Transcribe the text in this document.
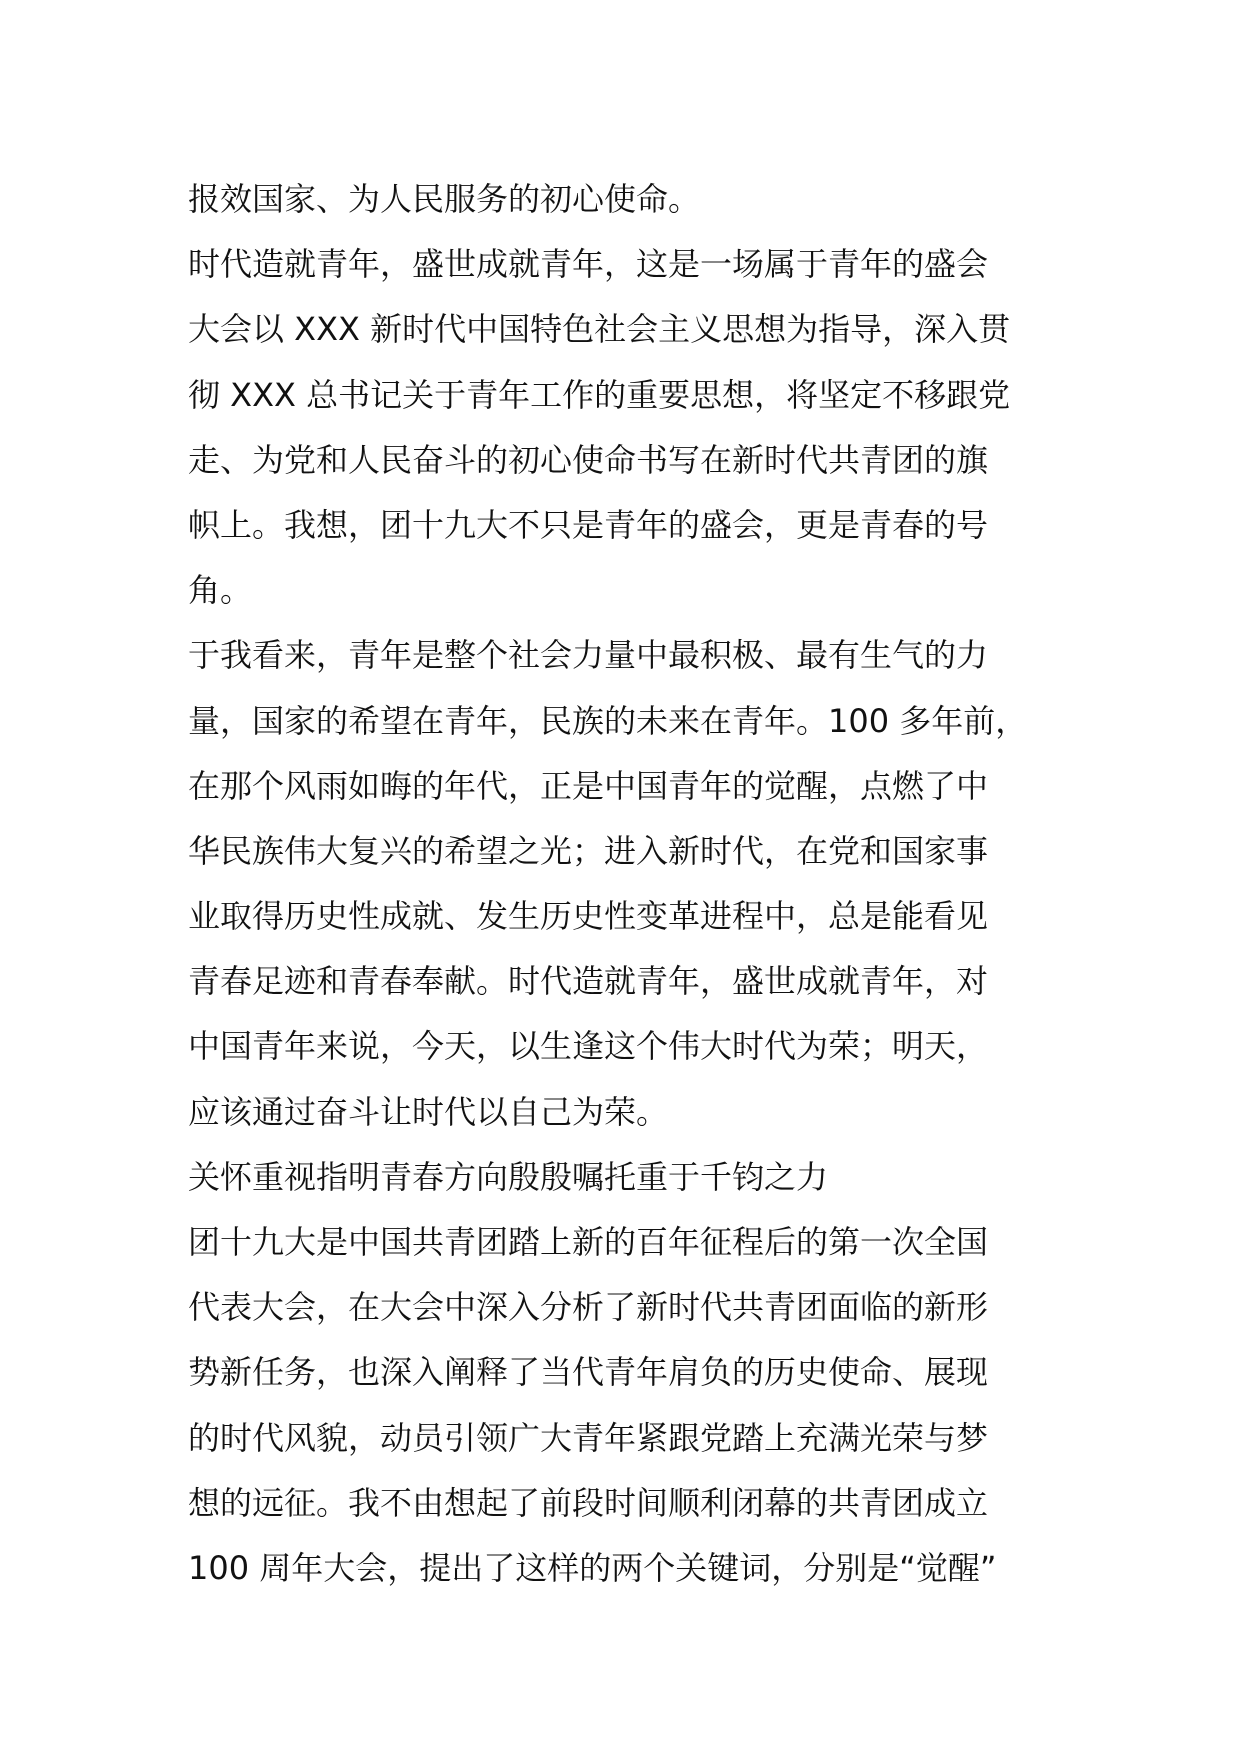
报效国家、为人民服务的初心使命。
时代造就青年，盛世成就青年，这是一场属于青年的盛会
大会以 XXX 新时代中国特色社会主义思想为指导，深入贯
彻 XXX 总书记关于青年工作的重要思想，将坚定不移跟党
走、为党和人民奋斗的初心使命书写在新时代共青团的旗
帜上。我想，团十九大不只是青年的盛会，更是青春的号
角。
于我看来，青年是整个社会力量中最积极、最有生气的力
量，国家的希望在青年，民族的未来在青年。100 多年前，
在那个风雨如晦的年代，正是中国青年的觉醒，点燃了中
华民族伟大复兴的希望之光；进入新时代，在党和国家事
业取得历史性成就、发生历史性变革进程中，总是能看见
青春足迹和青春奉献。时代造就青年，盛世成就青年，对
中国青年来说，今天，以生逢这个伟大时代为荣；明天，
应该通过奋斗让时代以自己为荣。
关怀重视指明青春方向殷殷嘱托重于千钧之力
团十九大是中国共青团踏上新的百年征程后的第一次全国
代表大会，在大会中深入分析了新时代共青团面临的新形
势新任务，也深入阐释了当代青年肩负的历史使命、展现
的时代风貌，动员引领广大青年紧跟党踏上充满光荣与梦
想的远征。我不由想起了前段时间顺利闭幕的共青团成立
100 周年大会，提出了这样的两个关键词，分别是“觉醒”
